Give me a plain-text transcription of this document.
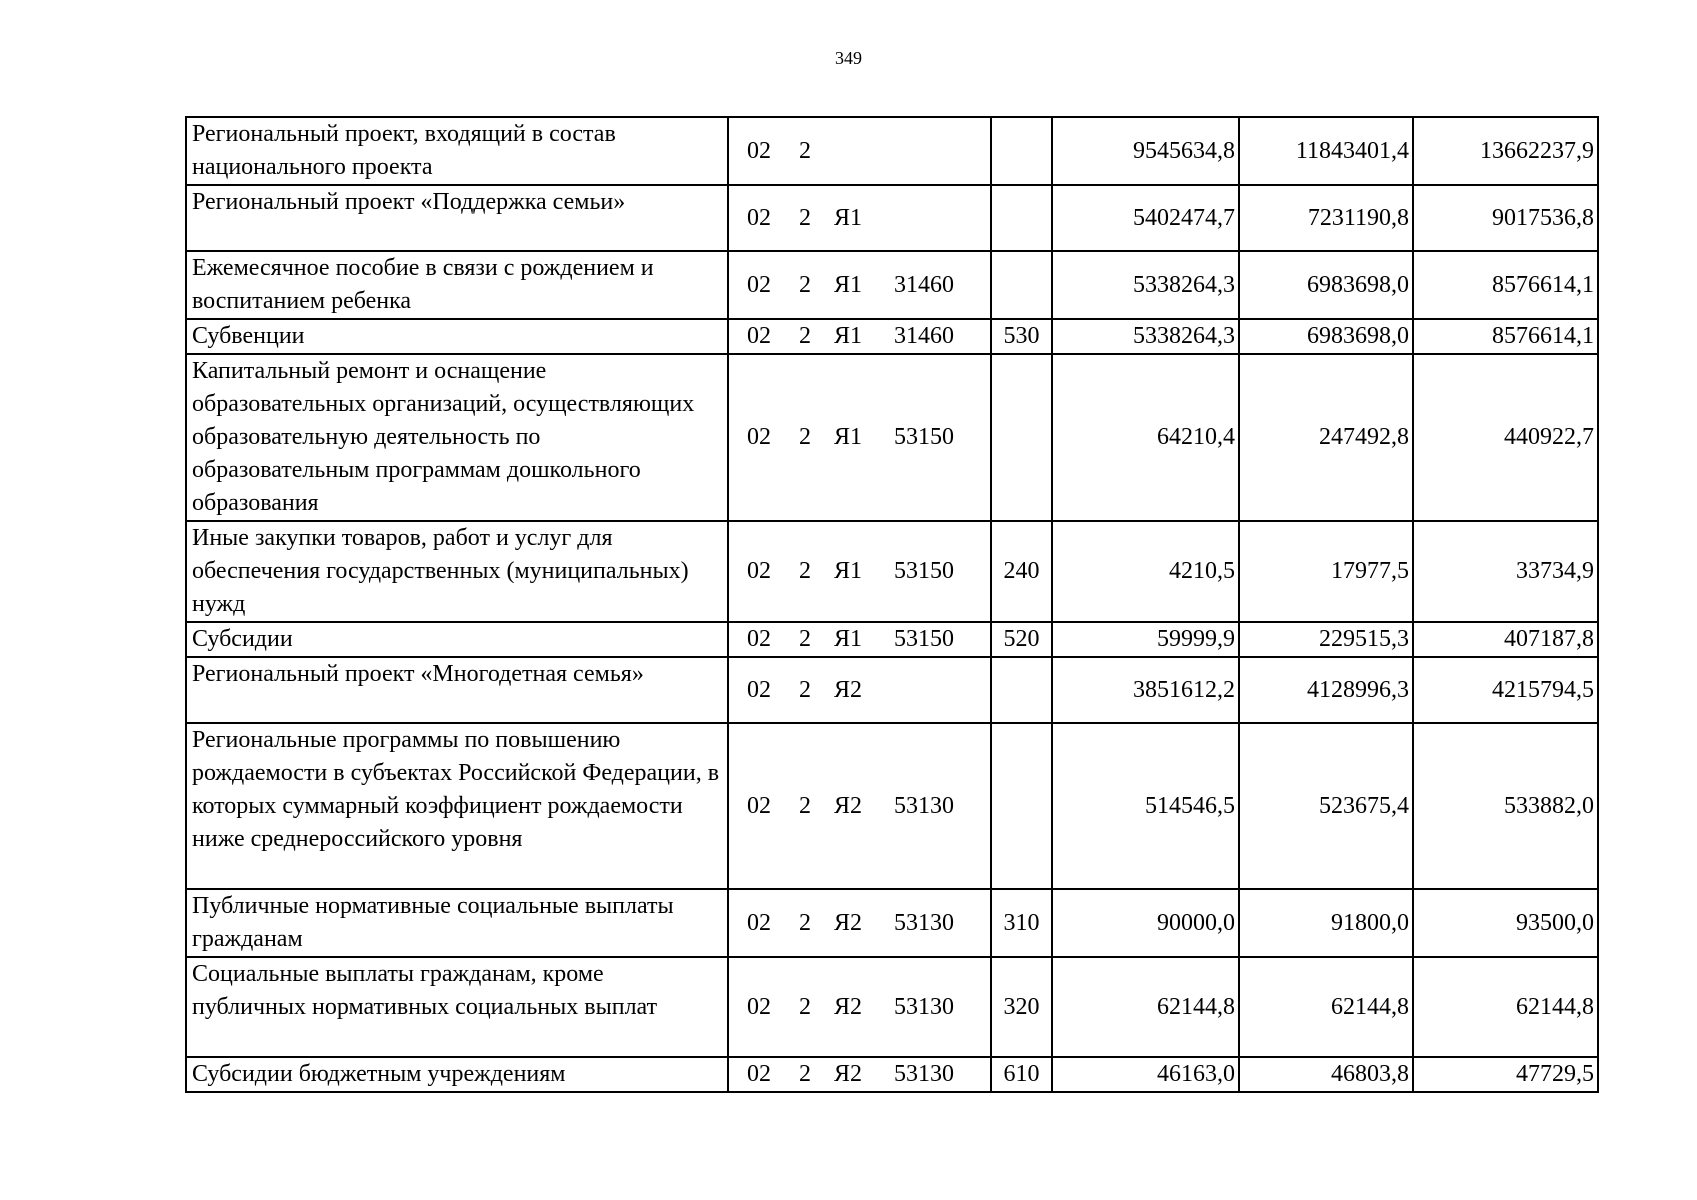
349
Региональный проект, входящий в состав национального проекта	02 2		9545634,8	11843401,4	13662237,9
Региональный проект «Поддержка семьи»	02 2 Я1		5402474,7	7231190,8	9017536,8
Ежемесячное пособие в связи с рождением и воспитанием ребенка	02 2 Я1 31460		5338264,3	6983698,0	8576614,1
Субвенции	02 2 Я1 31460	530	5338264,3	6983698,0	8576614,1
Капитальный ремонт и оснащение образовательных организаций, осуществляющих образовательную деятельность по образовательным программам дошкольного образования	02 2 Я1 53150		64210,4	247492,8	440922,7
Иные закупки товаров, работ и услуг для обеспечения государственных (муниципальных) нужд	02 2 Я1 53150	240	4210,5	17977,5	33734,9
Субсидии	02 2 Я1 53150	520	59999,9	229515,3	407187,8
Региональный проект «Многодетная семья»	02 2 Я2		3851612,2	4128996,3	4215794,5
Региональные программы по повышению рождаемости в субъектах Российской Федерации, в которых суммарный коэффициент рождаемости ниже среднероссийского уровня	02 2 Я2 53130		514546,5	523675,4	533882,0
Публичные нормативные социальные выплаты гражданам	02 2 Я2 53130	310	90000,0	91800,0	93500,0
Социальные выплаты гражданам, кроме публичных нормативных социальных выплат	02 2 Я2 53130	320	62144,8	62144,8	62144,8
Субсидии бюджетным учреждениям	02 2 Я2 53130	610	46163,0	46803,8	47729,5
